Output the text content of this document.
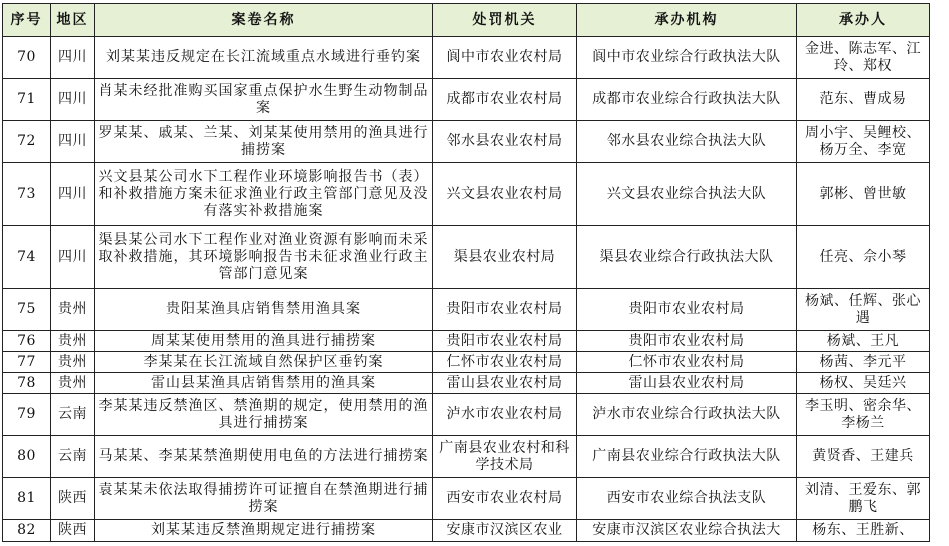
序号	地区	案卷名称	处罚机关	承办机构	承办人
70	四川	刘某某违反规定在长江流域重点水域进行垂钓案	阆中市农业农村局	阆中市农业综合行政执法大队	金进、陈志军、江玲、郑权
71	四川	肖某未经批准购买国家重点保护水生野生动物制品案	成都市农业农村局	成都市农业综合行政执法大队	范东、曹成易
72	四川	罗某某、戚某、兰某、刘某某使用禁用的渔具进行捕捞案	邻水县农业农村局	邻水县农业综合执法大队	周小宇、吴鲤校、杨万全、李宽
73	四川	兴文县某公司水下工程作业环境影响报告书（表）和补救措施方案未征求渔业行政主管部门意见及没有落实补救措施案	兴文县农业农村局	兴文县农业综合执法大队	郭彬、曾世敏
74	四川	渠县某公司水下工程作业对渔业资源有影响而未采取补救措施，其环境影响报告书未征求渔业行政主管部门意见案	渠县农业农村局	渠县农业综合行政执法大队	任亮、佘小琴
75	贵州	贵阳某渔具店销售禁用渔具案	贵阳市农业农村局	贵阳市农业农村局	杨斌、任辉、张心遇
76	贵州	周某某使用禁用的渔具进行捕捞案	贵阳市农业农村局	贵阳市农业农村局	杨斌、王凡
77	贵州	李某某在长江流域自然保护区垂钓案	仁怀市农业农村局	仁怀市农业农村局	杨茜、李元平
78	贵州	雷山县某渔具店销售禁用的渔具案	雷山县农业农村局	雷山县农业农村局	杨权、吴廷兴
79	云南	李某某违反禁渔区、禁渔期的规定，使用禁用的渔具进行捕捞案	泸水市农业农村局	泸水市农业综合行政执法大队	李玉明、密余华、李杨兰
80	云南	马某某、李某某禁渔期使用电鱼的方法进行捕捞案	广南县农业农村和科学技术局	广南县农业综合行政执法大队	黄贤香、王建兵
81	陕西	袁某某未依法取得捕捞许可证擅自在禁渔期进行捕捞案	西安市农业农村局	西安市农业综合执法支队	刘清、王爱东、郭鹏飞
82	陕西	刘某某违反禁渔期规定进行捕捞案	安康市汉滨区农业	安康市汉滨区农业综合执法大	杨东、王胜新、
